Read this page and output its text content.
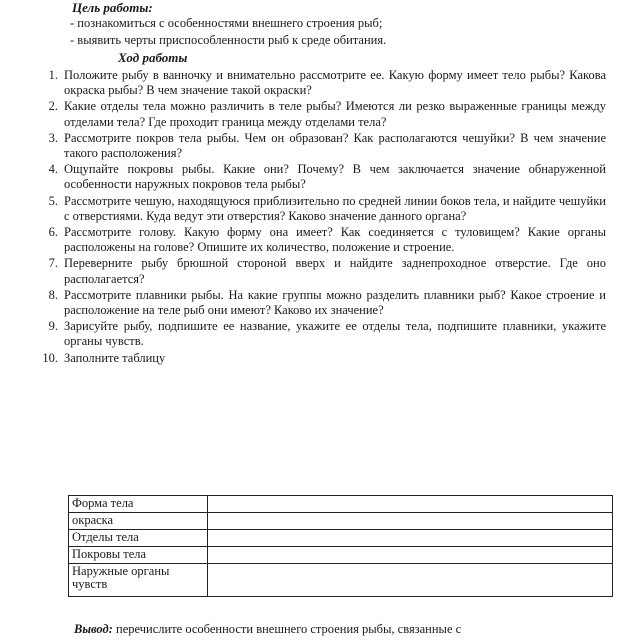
Цель работы:
- познакомиться с особенностями внешнего строения рыб;
- выявить черты приспособленности рыб к среде обитания.
Ход работы
1. Положите рыбу в ванночку и внимательно рассмотрите ее. Какую форму имеет тело рыбы? Какова окраска рыбы? В чем значение такой окраски?
2. Какие отделы тела можно различить в теле рыбы? Имеются ли резко выраженные границы между отделами тела? Где проходит граница между отделами тела?
3. Рассмотрите покров тела рыбы. Чем он образован? Как располагаются чешуйки? В чем значение такого расположения?
4. Ощупайте покровы рыбы. Какие они? Почему? В чем заключается значение обнаруженной особенности наружных покровов тела рыбы?
5. Рассмотрите чешую, находящуюся приблизительно по средней линии боков тела, и найдите чешуйки с отверстиями. Куда ведут эти отверстия? Каково значение данного органа?
6. Рассмотрите голову. Какую форму она имеет? Как соединяется с туловищем? Какие органы расположены на голове? Опишите их количество, положение и строение.
7. Переверните рыбу брюшной стороной вверх и найдите заднепроходное отверстие. Где оно располагается?
8. Рассмотрите плавники рыбы. На какие группы можно разделить плавники рыб? Какое строение и расположение на теле рыб они имеют? Каково их значение?
9. Зарисуйте рыбу, подпишите ее название, укажите ее отделы тела, подпишите плавники, укажите органы чувств.
10. Заполните таблицу
Форма тела	
окраска	
Отделы тела	
Покровы тела	
Наружные органы чувств	
Вывод: перечислите особенности внешнего строения рыбы, связанные с
